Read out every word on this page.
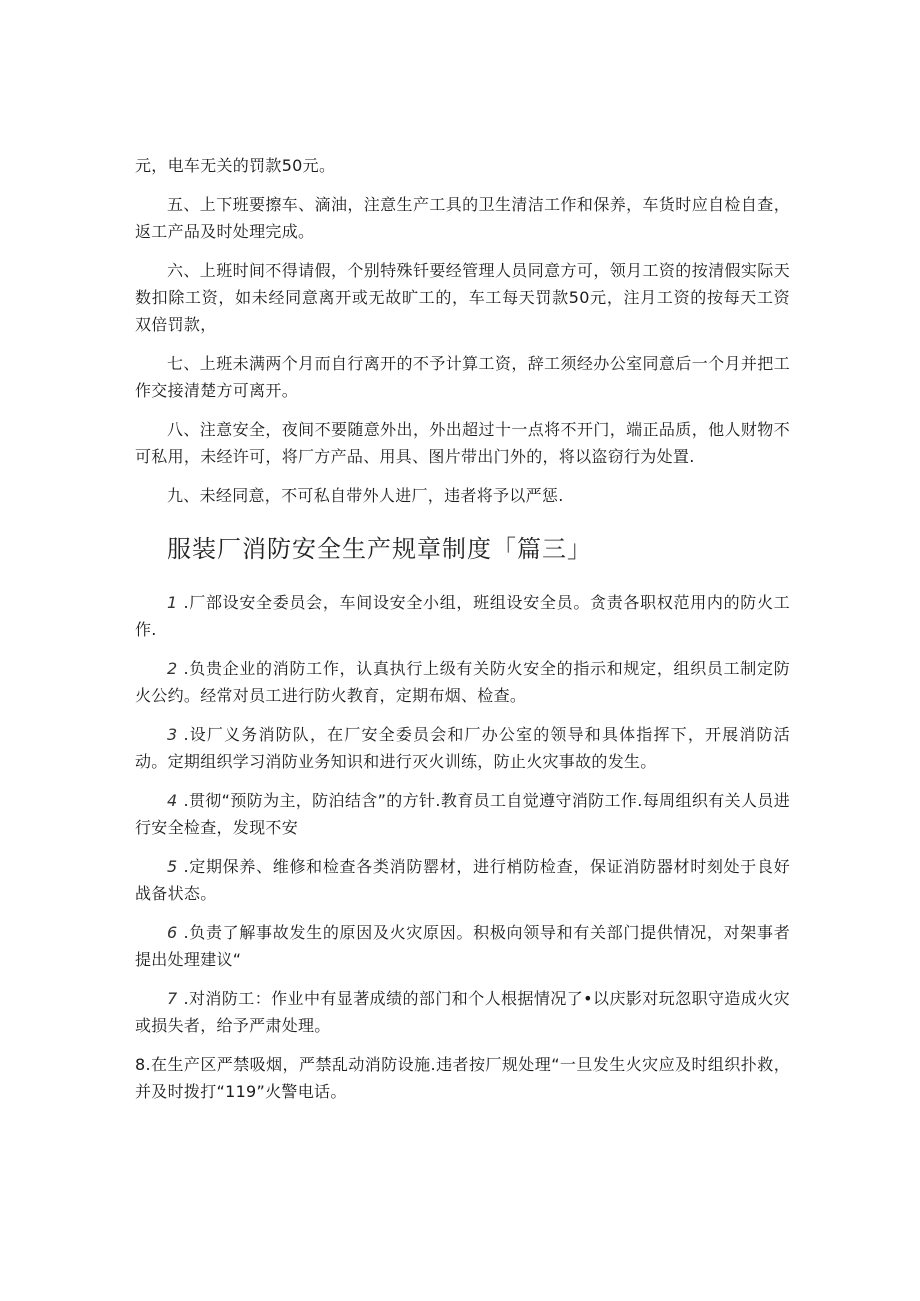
元，电车无关的罚款50元。

五、上下班要擦车、滴油，注意生产工具的卫生清洁工作和保养，车货时应自检自查，返工产品及时处理完成。

六、上班时间不得请假，个别特殊钎要经管理人员同意方可，领月工资的按清假实际天数扣除工资，如未经同意离开或无故旷工的，车工每天罚款50元，注月工资的按每天工资双倍罚款，

七、上班未满两个月而自行离开的不予计算工资，辞工须经办公室同意后一个月并把工作交接清楚方可离开。

八、注意安全，夜间不要随意外出，外出超过十一点将不开门，端正品质，他人财物不可私用，未经许可，将厂方产品、用具、图片带出门外的，将以盗窃行为处置.

九、未经同意，不可私自带外人进厂，违者将予以严惩.

服装厂消防安全生产规章制度「篇三」

1 .厂部设安全委员会，车间设安全小组，班组设安全员。贪责各职权范用内的防火工作.

2 .负贵企业的消防工作，认真执行上级有关防火安全的指示和规定，组织员工制定防火公约。经常对员工进行防火教育，定期布烟、检查。

3 .设厂义务消防队，在厂安全委员会和厂办公室的领导和具体指挥下，开展消防活动。定期组织学习消防业务知识和进行灭火训练，防止火灾事故的发生。

4 .贯彻“预防为主，防泊结含”的方针.教育员工自觉遵守消防工作.每周组织有关人员进行安全检查，发现不安

5 .定期保养、维修和检查各类消防罂材，进行梢防检查，保证消防器材时刻处于良好战备状态。

6 .负责了解事故发生的原因及火灾原因。积极向领导和有关部门提供情况，对架事者提出处理建议“

7 .对消防工：作业中有显著成绩的部门和个人根据情况了•以庆影对玩忽职守造成火灾或损失者，给予严肃处理。

8.在生产区严禁吸烟，严禁乱动消防设施.违者按厂规处理“一旦发生火灾应及时组织扑救，并及时拨打“119”火警电话。
